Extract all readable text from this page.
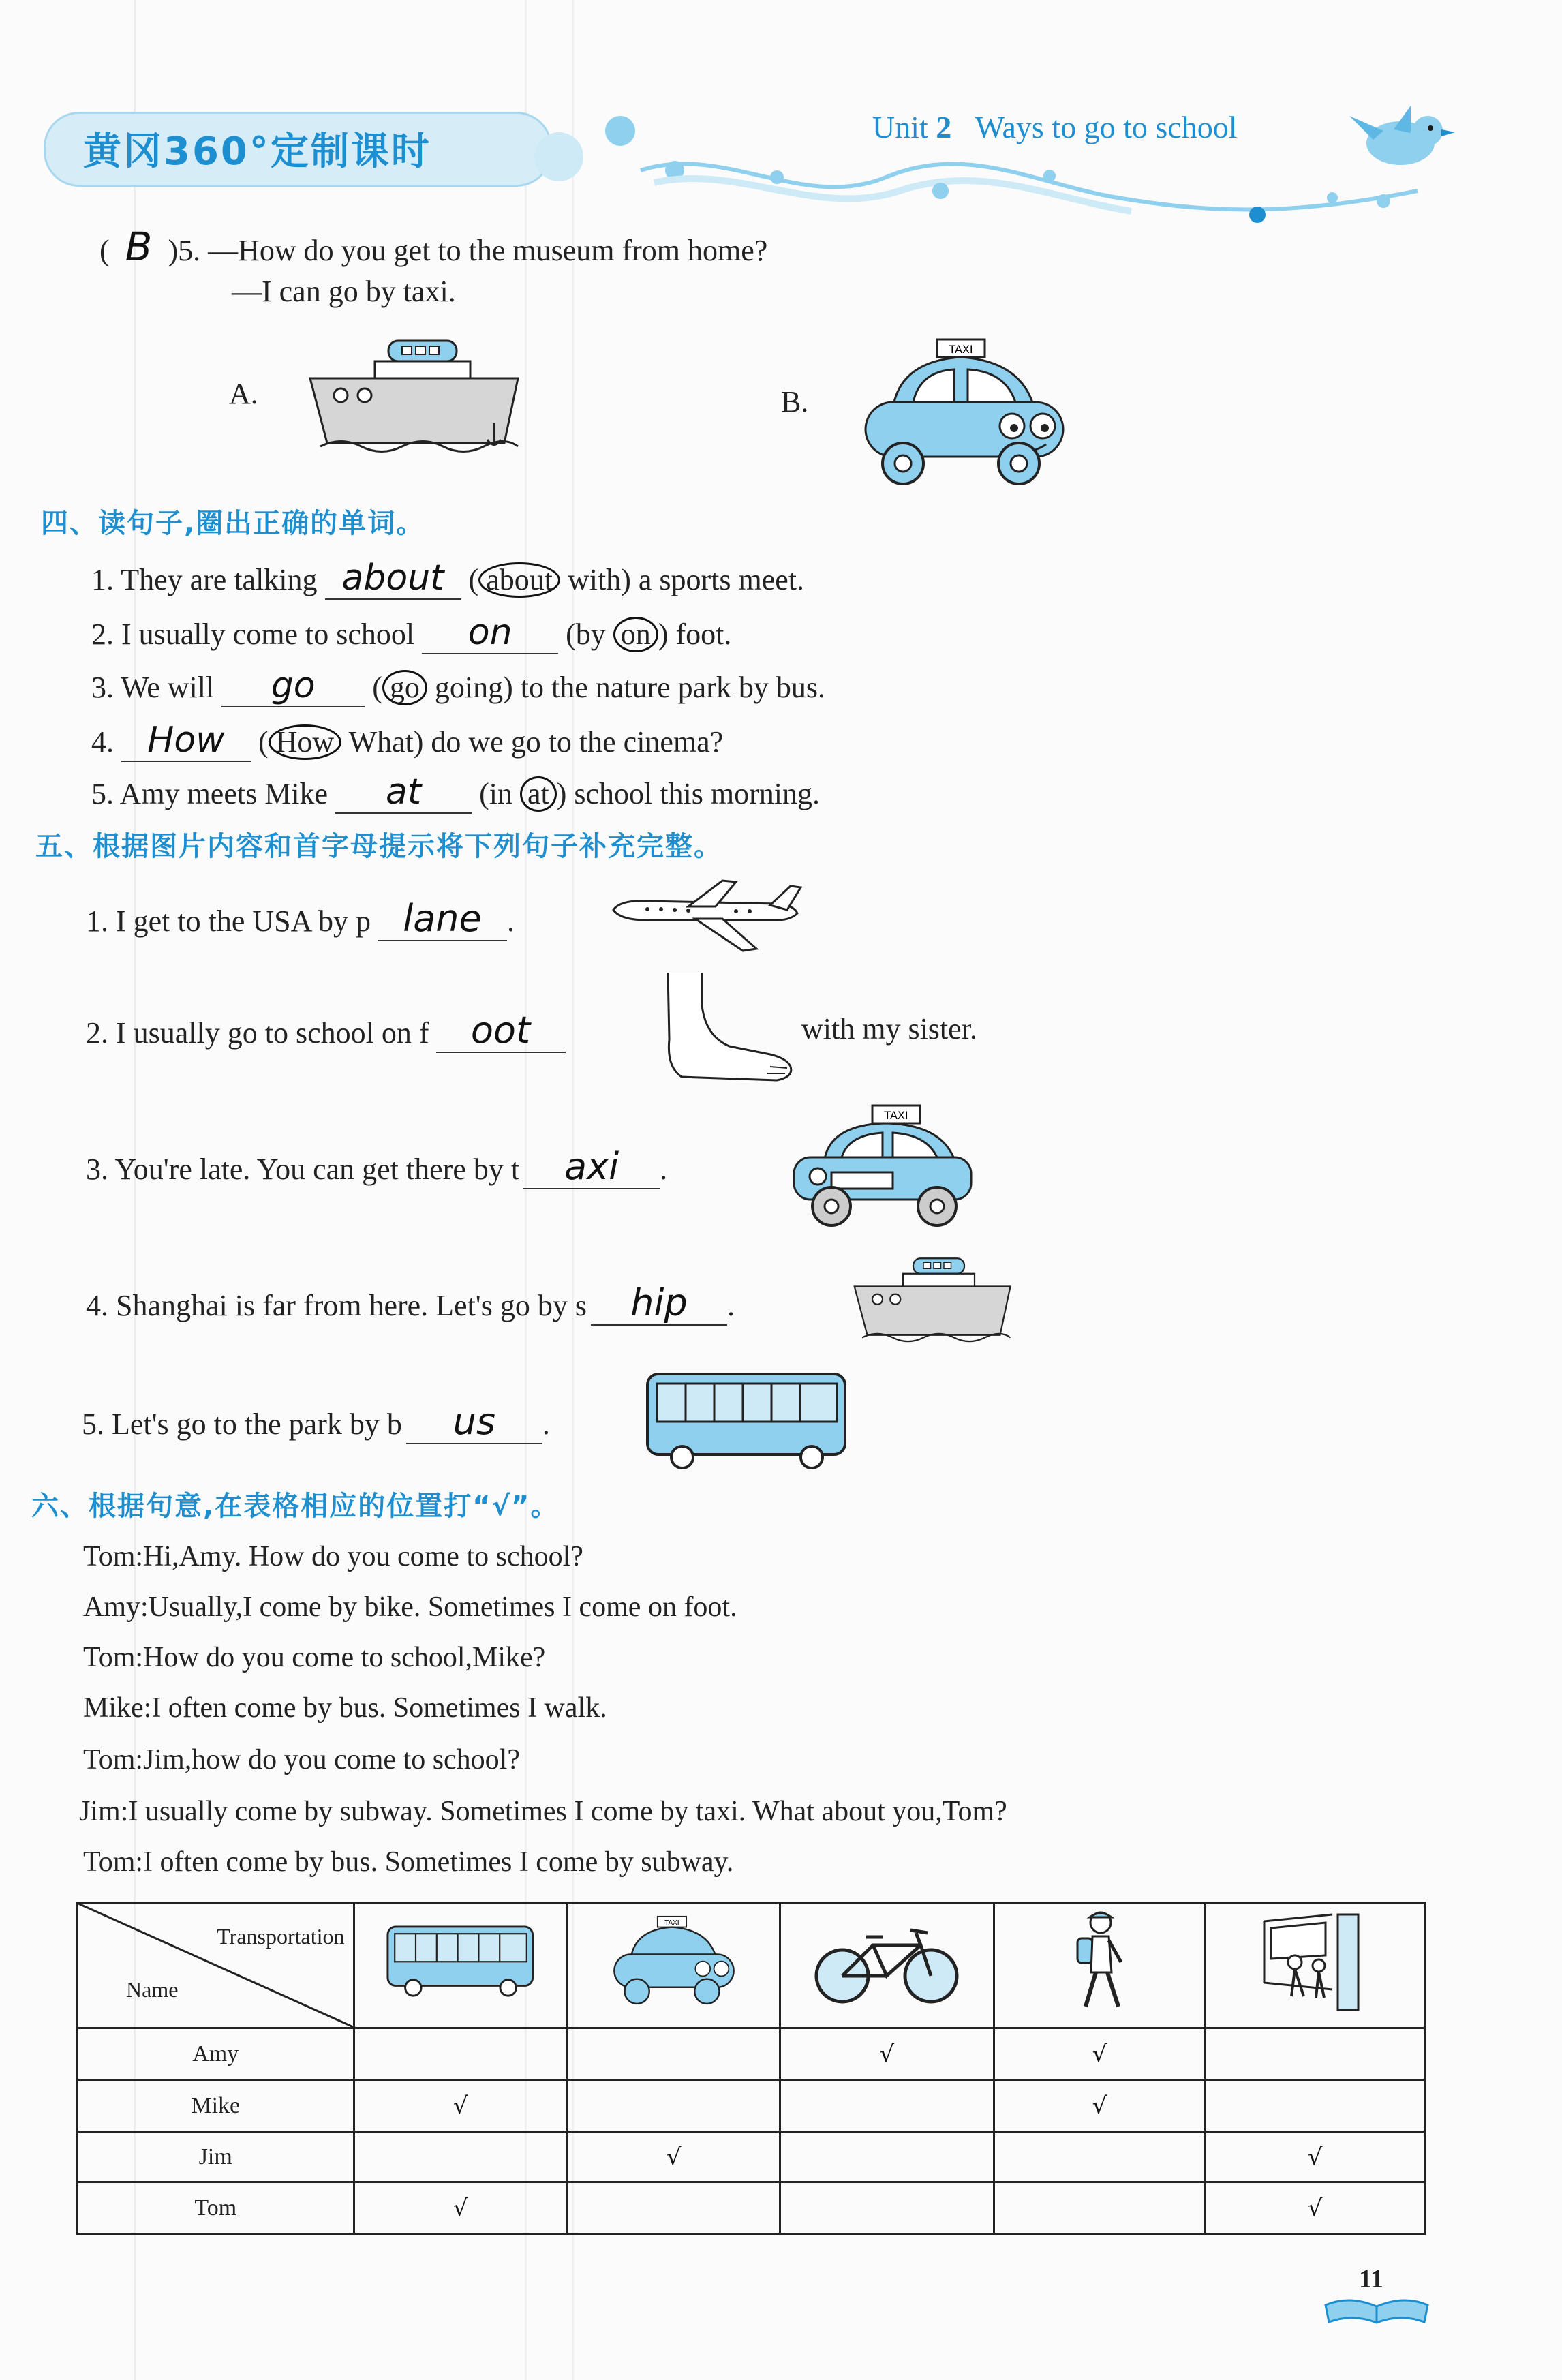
黄冈360°定制课时
Unit 2 Ways to go to school
( B )5. —How do you get to the museum from home?
—I can go by taxi.
A.	B.
TAXI
四、读句子,圈出正确的单词。
1. They are talking about ( about with) a sports meet.
2. I usually come to school on (by on ) foot.
3. We will go ( go going) to the nature park by bus.
4. How ( How What) do we go to the cinema?
5. Amy meets Mike at (in at ) school this morning.
五、根据图片内容和首字母提示将下列句子补充完整。
1. I get to the USA by p lane .
2. I usually go to school on f oot	with my sister.
3. You're late. You can get there by t axi .
TAXI
4. Shanghai is far from here. Let's go by s hip .
5. Let's go to the park by b us .
六、根据句意,在表格相应的位置打“√”。
Tom:Hi,Amy. How do you come to school?
Amy:Usually,I come by bike. Sometimes I come on foot.
Tom:How do you come to school,Mike?
Mike:I often come by bus. Sometimes I walk.
Tom:Jim,how do you come to school?
Jim:I usually come by subway. Sometimes I come by taxi. What about you,Tom?
Tom:I often come by bus. Sometimes I come by subway.
Transportation
Name		TAXI

Amy			√	√	
Mike	√			√	
Jim		√			√
Tom	√				√
11
